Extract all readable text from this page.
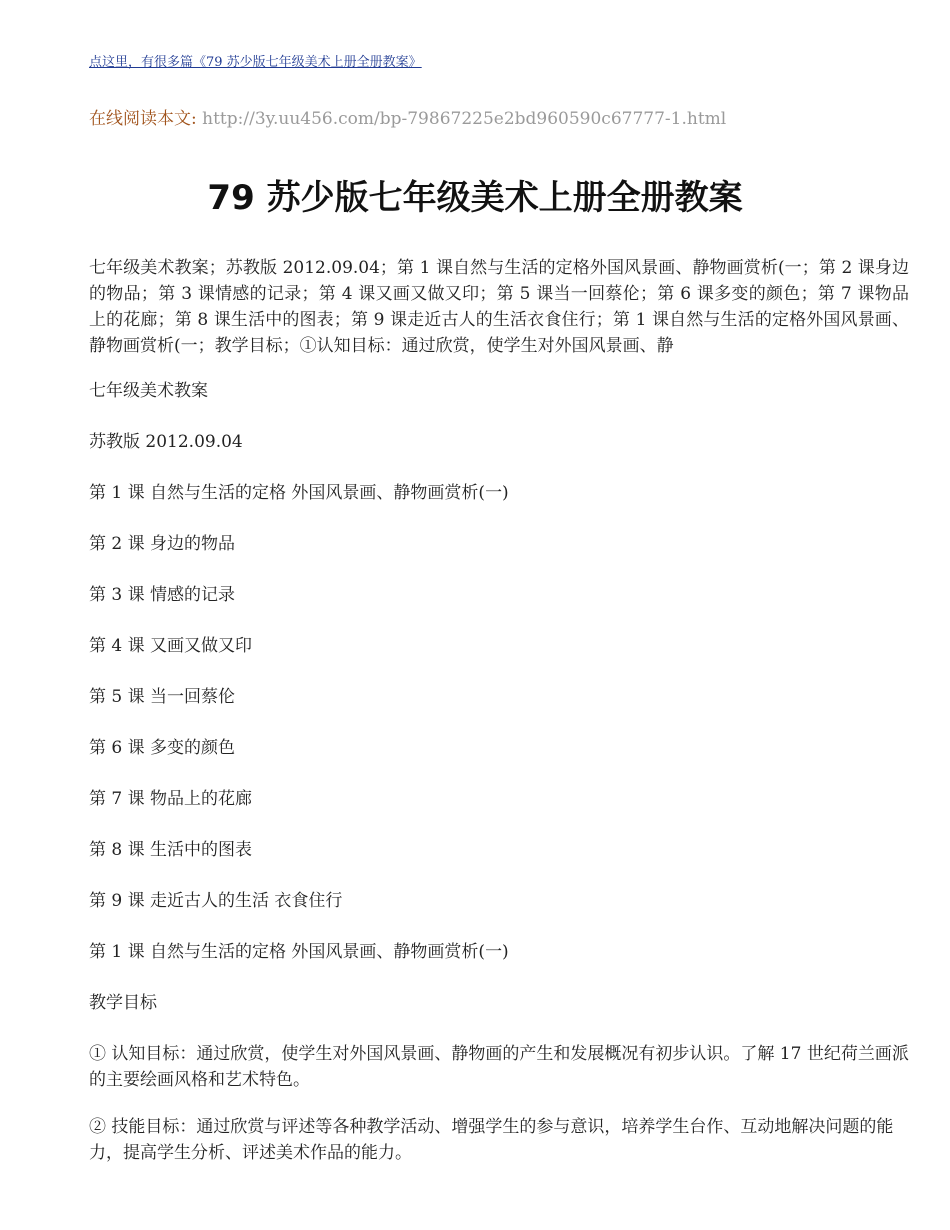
点这里，有很多篇《79 苏少版七年级美术上册全册教案》
在线阅读本文: http://3y.uu456.com/bp-79867225e2bd960590c67777-1.html
79 苏少版七年级美术上册全册教案

七年级美术教案；苏教版 2012.09.04；第 1 课自然与生活的定格外国风景画、静物画赏析(一；第 2 课身边的物品；第 3 课情感的记录；第 4 课又画又做又印；第 5 课当一回蔡伦；第 6 课多变的颜色；第 7 课物品上的花廊；第 8 课生活中的图表；第 9 课走近古人的生活衣食住行；第 1 课自然与生活的定格外国风景画、静物画赏析(一；教学目标；①认知目标：通过欣赏，使学生对外国风景画、静

七年级美术教案

苏教版 2012.09.04

第 1 课 自然与生活的定格 外国风景画、静物画赏析(一)

第 2 课 身边的物品

第 3 课 情感的记录

第 4 课 又画又做又印

第 5 课 当一回蔡伦

第 6 课 多变的颜色

第 7 课 物品上的花廊

第 8 课 生活中的图表

第 9 课 走近古人的生活 衣食住行

第 1 课 自然与生活的定格 外国风景画、静物画赏析(一)

教学目标

① 认知目标：通过欣赏，使学生对外国风景画、静物画的产生和发展概况有初步认识。了解 17 世纪荷兰画派的主要绘画风格和艺术特色。

② 技能目标：通过欣赏与评述等各种教学活动、增强学生的参与意识，培养学生台作、互动地解决问题的能力，提高学生分析、评述美术作品的能力。
